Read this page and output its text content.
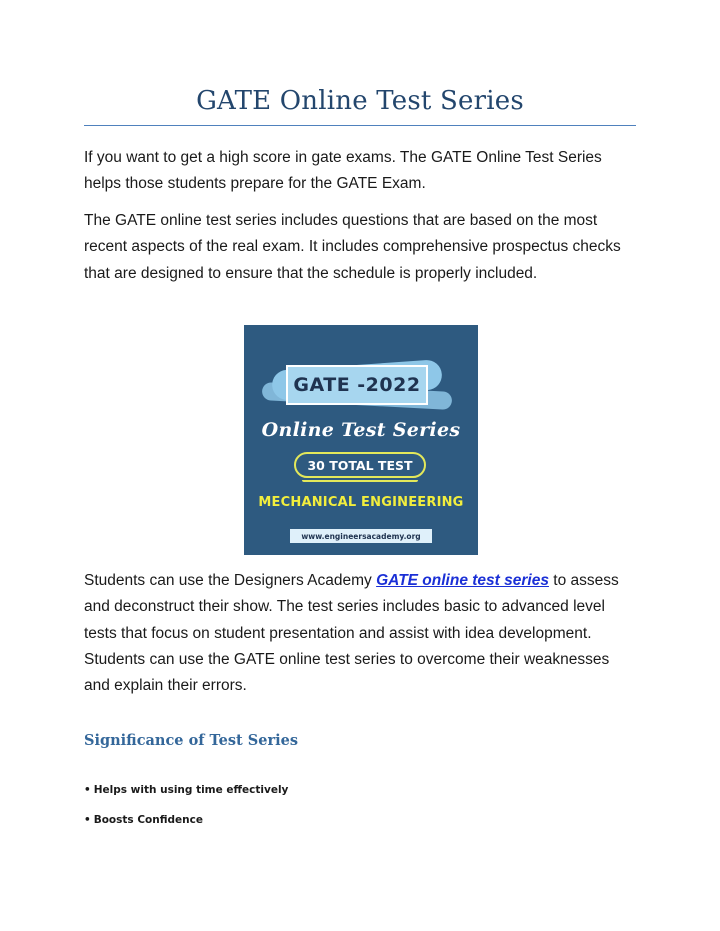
GATE Online Test Series

If you want to get a high score in gate exams. The GATE Online Test Series helps those students prepare for the GATE Exam.

The GATE online test series includes questions that are based on the most recent aspects of the real exam. It includes comprehensive prospectus checks that are designed to ensure that the schedule is properly included.

GATE -2022
Online Test Series
30 TOTAL TEST
MECHANICAL ENGINEERING
www.engineersacademy.org

Students can use the Designers Academy GATE online test series to assess and deconstruct their show. The test series includes basic to advanced level tests that focus on student presentation and assist with idea development. Students can use the GATE online test series to overcome their weaknesses and explain their errors.

Significance of Test Series

• Helps with using time effectively

• Boosts Confidence
